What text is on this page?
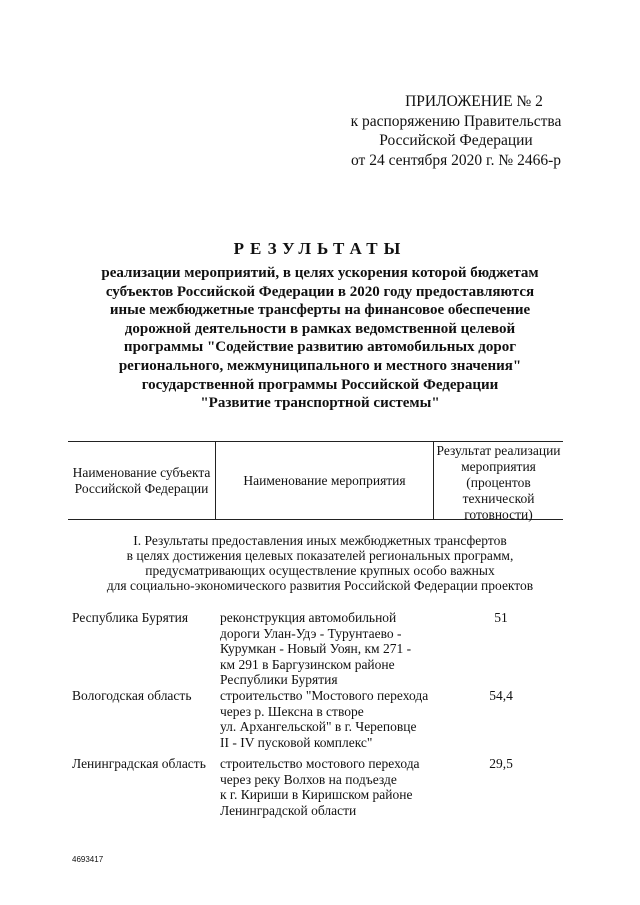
ПРИЛОЖЕНИЕ № 2
к распоряжению Правительства
Российской Федерации
от 24 сентября 2020 г. № 2466-р
РЕЗУЛЬТАТЫ
реализации мероприятий, в целях ускорения которой бюджетам
субъектов Российской Федерации в 2020 году предоставляются
иные межбюджетные трансферты на финансовое обеспечение
дорожной деятельности в рамках ведомственной целевой
программы "Содействие развитию автомобильных дорог
регионального, межмуниципального и местного значения"
государственной программы Российской Федерации
"Развитие транспортной системы"
Наименование субъекта
Российской Федерации
Наименование мероприятия
Результат реализации
мероприятия
(процентов
технической
готовности)
I. Результаты предоставления иных межбюджетных трансфертов
в целях достижения целевых показателей региональных программ,
предусматривающих осуществление крупных особо важных
для социально-экономического развития Российской Федерации проектов
Республика Бурятия реконструкция автомобильной
дороги Улан-Удэ - Турунтаево -
Курумкан - Новый Уоян, км 271 -
км 291 в Баргузинском районе
Республики Бурятия
51
Вологодская область строительство "Мостового перехода
через р. Шексна в створе
ул. Архангельской" в г. Череповце
II - IV пусковой комплекс"
54,4
Ленинградская область строительство мостового перехода
через реку Волхов на подъезде
к г. Кириши в Киришском районе
Ленинградской области
29,5
4693417
